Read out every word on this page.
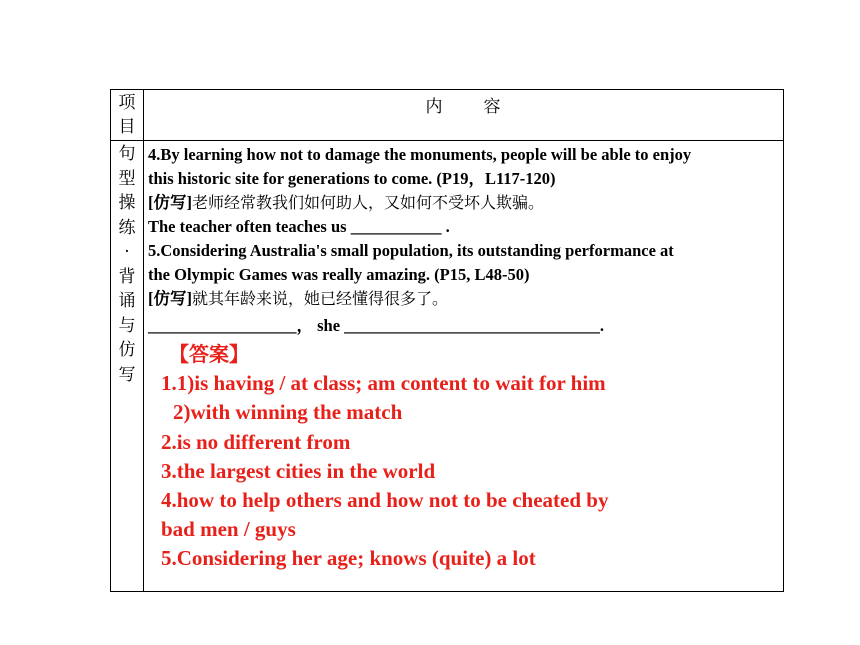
项
目
内 容
句
型
操
练
·
背
诵
与
仿
写
4.By learning how not to damage the monuments, people will be able to enjoy
this historic site for generations to come. (P19，L117-120)
[仿写]老师经常教我们如何助人，又如何不受坏人欺骗。
The teacher often teaches us ___________ .
5.Considering Australia's small population, its outstanding performance at
the Olympic Games was really amazing. (P15, L48-50)
[仿写]就其年龄来说，她已经懂得很多了。
__________________， she _______________________________.
【答案】
1.1)is having / at class; am content to wait for him
2)with winning the match
2.is no different from
3.the largest cities in the world
4.how to help others and how not to be cheated by
bad men / guys
5.Considering her age; knows (quite) a lot
